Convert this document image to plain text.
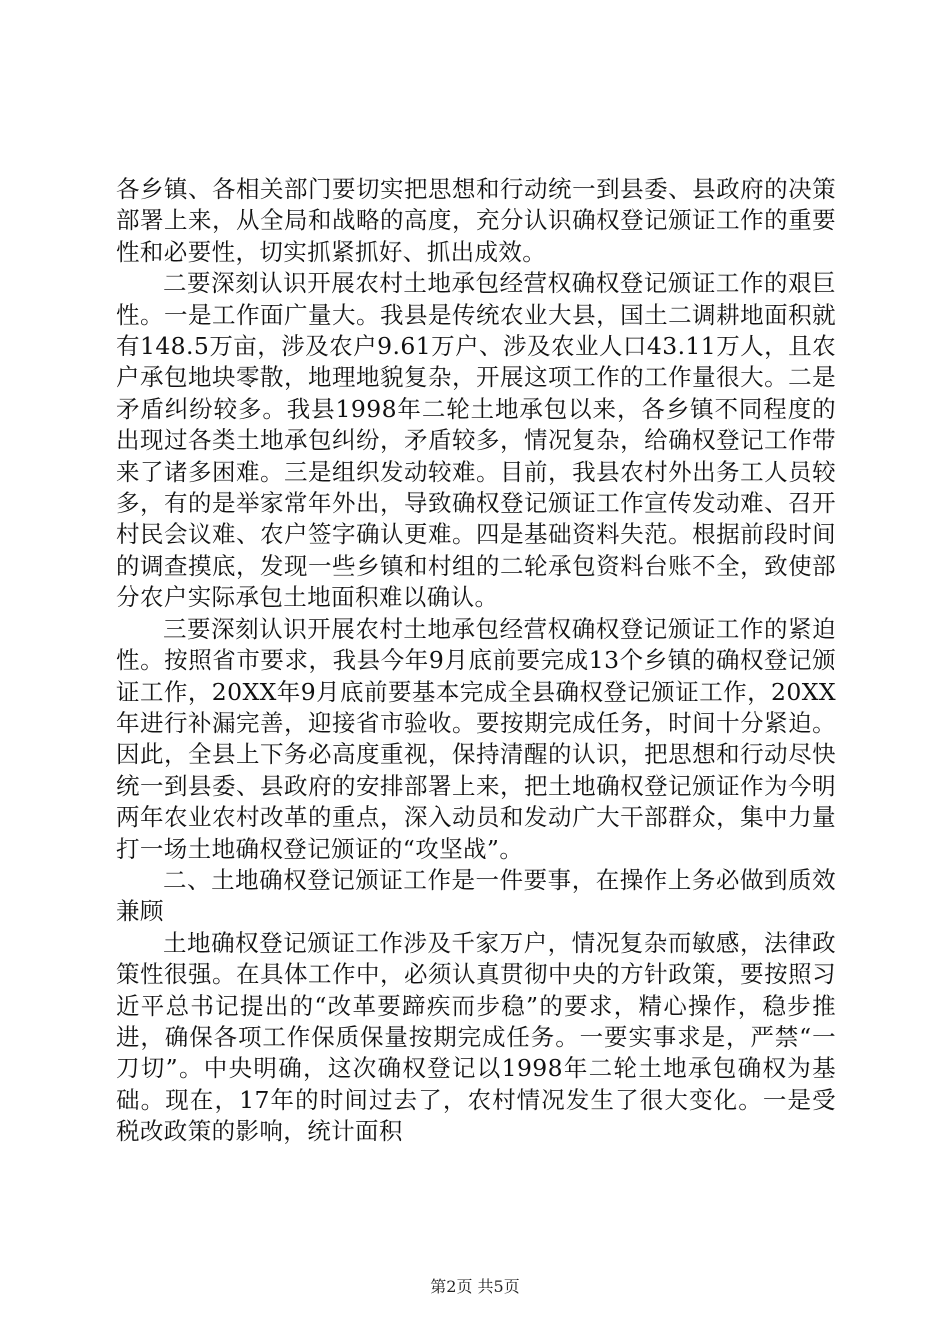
各乡镇、各相关部门要切实把思想和行动统一到县委、县政府的决策部署上来，从全局和战略的高度，充分认识确权登记颁证工作的重要性和必要性，切实抓紧抓好、抓出成效。

二要深刻认识开展农村土地承包经营权确权登记颁证工作的艰巨性。一是工作面广量大。我县是传统农业大县，国土二调耕地面积就有148.5万亩，涉及农户9.61万户、涉及农业人口43.11万人，且农户承包地块零散，地理地貌复杂，开展这项工作的工作量很大。二是矛盾纠纷较多。我县1998年二轮土地承包以来，各乡镇不同程度的出现过各类土地承包纠纷，矛盾较多，情况复杂，给确权登记工作带来了诸多困难。三是组织发动较难。目前，我县农村外出务工人员较多，有的是举家常年外出，导致确权登记颁证工作宣传发动难、召开村民会议难、农户签字确认更难。四是基础资料失范。根据前段时间的调查摸底，发现一些乡镇和村组的二轮承包资料台账不全，致使部分农户实际承包土地面积难以确认。

三要深刻认识开展农村土地承包经营权确权登记颁证工作的紧迫性。按照省市要求，我县今年9月底前要完成13个乡镇的确权登记颁证工作，20XX年9月底前要基本完成全县确权登记颁证工作，20XX年进行补漏完善，迎接省市验收。要按期完成任务，时间十分紧迫。因此，全县上下务必高度重视，保持清醒的认识，把思想和行动尽快统一到县委、县政府的安排部署上来，把土地确权登记颁证作为今明两年农业农村改革的重点，深入动员和发动广大干部群众，集中力量打一场土地确权登记颁证的“攻坚战”。

二、土地确权登记颁证工作是一件要事，在操作上务必做到质效兼顾

土地确权登记颁证工作涉及千家万户，情况复杂而敏感，法律政策性很强。在具体工作中，必须认真贯彻中央的方针政策，要按照习近平总书记提出的“改革要蹄疾而步稳”的要求，精心操作，稳步推进，确保各项工作保质保量按期完成任务。一要实事求是，严禁“一刀切”。中央明确，这次确权登记以1998年二轮土地承包确权为基础。现在，17年的时间过去了，农村情况发生了很大变化。一是受税改政策的影响，统计面积

第2页 共5页
